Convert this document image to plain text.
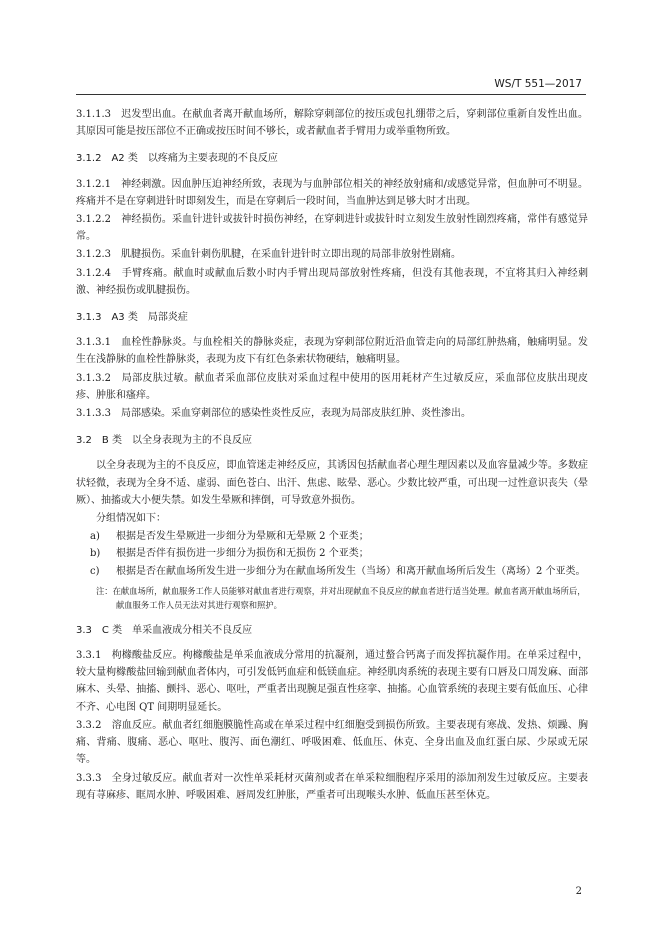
WS/T 551—2017

3.1.1.3　迟发型出血。在献血者离开献血场所，解除穿刺部位的按压或包扎绷带之后，穿刺部位重新自发性出血。其原因可能是按压部位不正确或按压时间不够长，或者献血者手臂用力或举重物所致。

3.1.2　A2 类　以疼痛为主要表现的不良反应

3.1.2.1　神经刺激。因血肿压迫神经所致，表现为与血肿部位相关的神经放射痛和/或感觉异常，但血肿可不明显。疼痛并不是在穿刺进针时即刻发生，而是在穿刺后一段时间，当血肿达到足够大时才出现。

3.1.2.2　神经损伤。采血针进针或拔针时损伤神经，在穿刺进针或拔针时立刻发生放射性剧烈疼痛，常伴有感觉异常。

3.1.2.3　肌腱损伤。采血针刺伤肌腱，在采血针进针时立即出现的局部非放射性剧痛。

3.1.2.4　手臂疼痛。献血时或献血后数小时内手臂出现局部放射性疼痛，但没有其他表现，不宜将其归入神经刺激、神经损伤或肌腱损伤。

3.1.3　A3 类　局部炎症

3.1.3.1　血栓性静脉炎。与血栓相关的静脉炎症，表现为穿刺部位附近沿血管走向的局部红肿热痛，触痛明显。发生在浅静脉的血栓性静脉炎，表现为皮下有红色条索状物硬结，触痛明显。

3.1.3.2　局部皮肤过敏。献血者采血部位皮肤对采血过程中使用的医用耗材产生过敏反应，采血部位皮肤出现皮疹、肿胀和瘙痒。

3.1.3.3　局部感染。采血穿刺部位的感染性炎性反应，表现为局部皮肤红肿、炎性渗出。

3.2　B 类　以全身表现为主的不良反应

以全身表现为主的不良反应，即血管迷走神经反应，其诱因包括献血者心理生理因素以及血容量减少等。多数症状轻微，表现为全身不适、虚弱、面色苍白、出汗、焦虑、眩晕、恶心。少数比较严重，可出现一过性意识丧失（晕厥）、抽搐或大小便失禁。如发生晕厥和摔倒，可导致意外损伤。

分组情况如下：

a)	根据是否发生晕厥进一步细分为晕厥和无晕厥 2 个亚类；
b)	根据是否伴有损伤进一步细分为损伤和无损伤 2 个亚类；
c)	根据是否在献血场所发生进一步细分为在献血场所发生（当场）和离开献血场所后发生（离场）2 个亚类。

注：在献血场所，献血服务工作人员能够对献血者进行观察，并对出现献血不良反应的献血者进行适当处理。献血者离开献血场所后，献血服务工作人员无法对其进行观察和照护。

3.3　C 类　单采血液成分相关不良反应

3.3.1　枸橼酸盐反应。枸橼酸盐是单采血液成分常用的抗凝剂，通过螯合钙离子而发挥抗凝作用。在单采过程中，较大量枸橼酸盐回输到献血者体内，可引发低钙血症和低镁血症。神经肌肉系统的表现主要有口唇及口周发麻、面部麻木、头晕、抽搐、颤抖、恶心、呕吐，严重者出现腕足强直性痉挛、抽搐。心血管系统的表现主要有低血压、心律不齐、心电图 QT 间期明显延长。

3.3.2　溶血反应。献血者红细胞膜脆性高或在单采过程中红细胞受到损伤所致。主要表现有寒战、发热、烦躁、胸痛、背痛、腹痛、恶心、呕吐、腹泻、面色潮红、呼吸困难、低血压、休克、全身出血及血红蛋白尿、少尿或无尿等。

3.3.3　全身过敏反应。献血者对一次性单采耗材灭菌剂或者在单采粒细胞程序采用的添加剂发生过敏反应。主要表现有荨麻疹、眶周水肿、呼吸困难、唇周发红肿胀，严重者可出现喉头水肿、低血压甚至休克。

2
